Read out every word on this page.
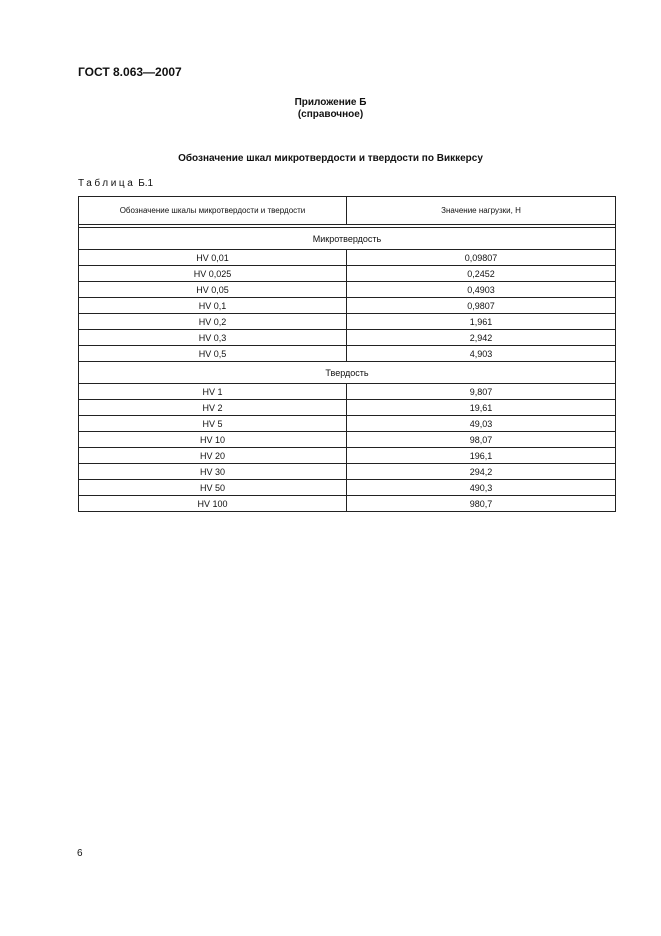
ГОСТ 8.063—2007
Приложение Б
(справочное)
Обозначение шкал микротвердости и твердости по Виккерсу
Таблица Б.1
Обозначение шкалы микротвердости и твердости	Значение нагрузки, Н

Микротвердость	
HV 0,01	0,09807
HV 0,025	0,2452
HV 0,05	0,4903
HV 0,1	0,9807
HV 0,2	1,961
HV 0,3	2,942
HV 0,5	4,903
Твердость	
HV 1	9,807
HV 2	19,61
HV 5	49,03
HV 10	98,07
HV 20	196,1
HV 30	294,2
HV 50	490,3
HV 100	980,7
6
